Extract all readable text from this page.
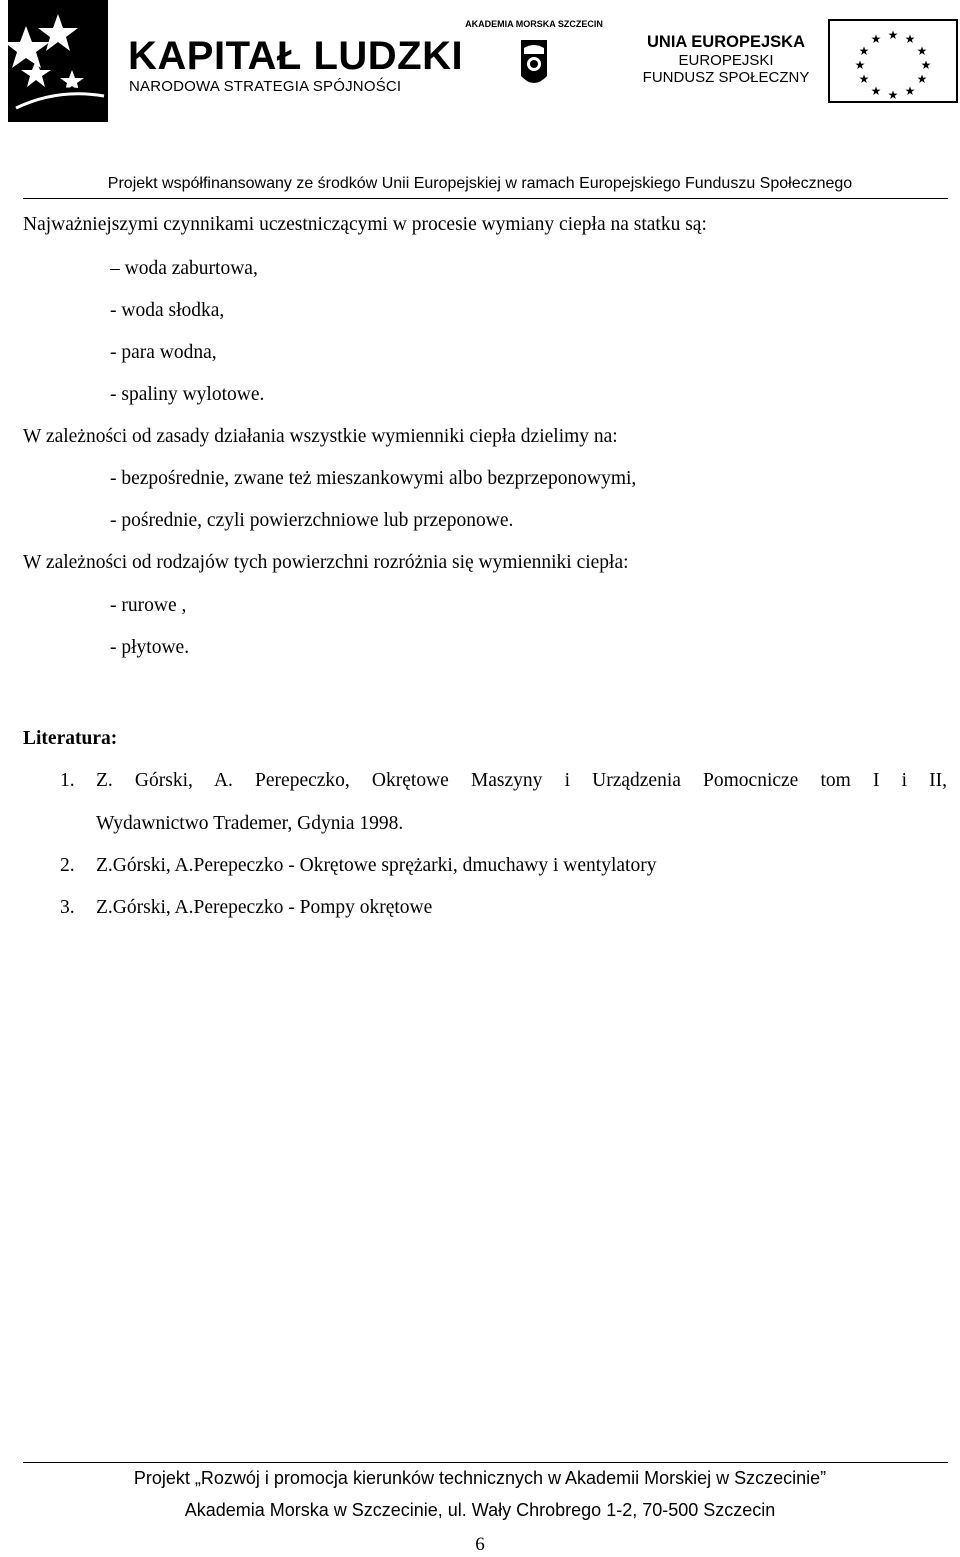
KAPITAŁ LUDZKI
NARODOWA STRATEGIA SPÓJNOŚCI
AKADEMIA MORSKA SZCZECIN
UNIA EUROPEJSKA
EUROPEJSKI
FUNDUSZ SPOŁECZNY
★ ★
★
★
★
★
★
★
★
★
★
★
Projekt współfinansowany ze środków Unii Europejskiej w ramach Europejskiego Funduszu Społecznego
Najważniejszymi czynnikami uczestniczącymi w procesie wymiany ciepła na statku są:
– woda zaburtowa,
- woda słodka,
- para wodna,
- spaliny wylotowe.
W zależności od zasady działania wszystkie wymienniki ciepła dzielimy na:
- bezpośrednie, zwane też mieszankowymi albo bezprzeponowymi,
- pośrednie, czyli powierzchniowe lub przeponowe.
W zależności od rodzajów tych powierzchni rozróżnia się wymienniki ciepła:
- rurowe ,
- płytowe.
Literatura:
1. Z. Górski, A. Perepeczko, Okrętowe Maszyny i Urządzenia Pomocnicze tom I i II,
Wydawnictwo Trademer, Gdynia 1998.
2. Z.Górski, A.Perepeczko - Okrętowe sprężarki, dmuchawy i wentylatory
3. Z.Górski, A.Perepeczko - Pompy okrętowe
Projekt „Rozwój i promocja kierunków technicznych w Akademii Morskiej w Szczecinie”
Akademia Morska w Szczecinie, ul. Wały Chrobrego 1-2, 70-500 Szczecin
6
